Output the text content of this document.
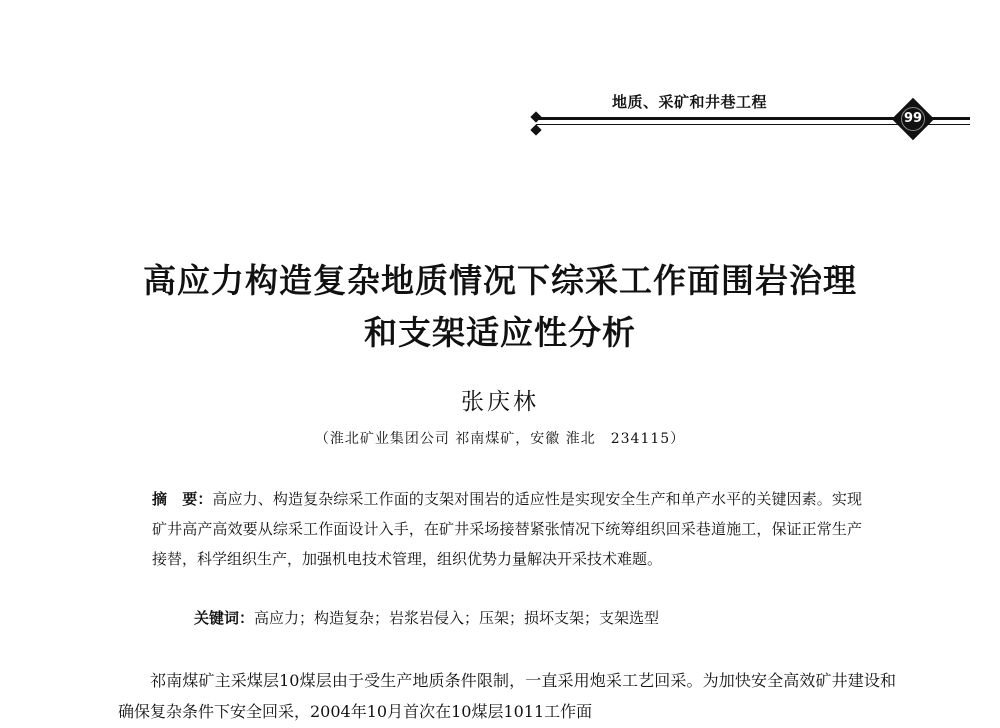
地质、采矿和井巷工程
99
高应力构造复杂地质情况下综采工作面围岩治理
和支架适应性分析
张庆林
（淮北矿业集团公司 祁南煤矿，安徽 淮北　234115）
摘　要：高应力、构造复杂综采工作面的支架对围岩的适应性是实现安全生产和单产水平的关键因素。实现矿井高产高效要从综采工作面设计入手，在矿井采场接替紧张情况下统筹组织回采巷道施工，保证正常生产接替，科学组织生产，加强机电技术管理，组织优势力量解决开采技术难题。
关键词：高应力；构造复杂；岩浆岩侵入；压架；损坏支架；支架选型
祁南煤矿主采煤层10煤层由于受生产地质条件限制，一直采用炮采工艺回采。为加快安全高效矿井建设和确保复杂条件下安全回采，2004年10月首次在10煤层1011工作面
